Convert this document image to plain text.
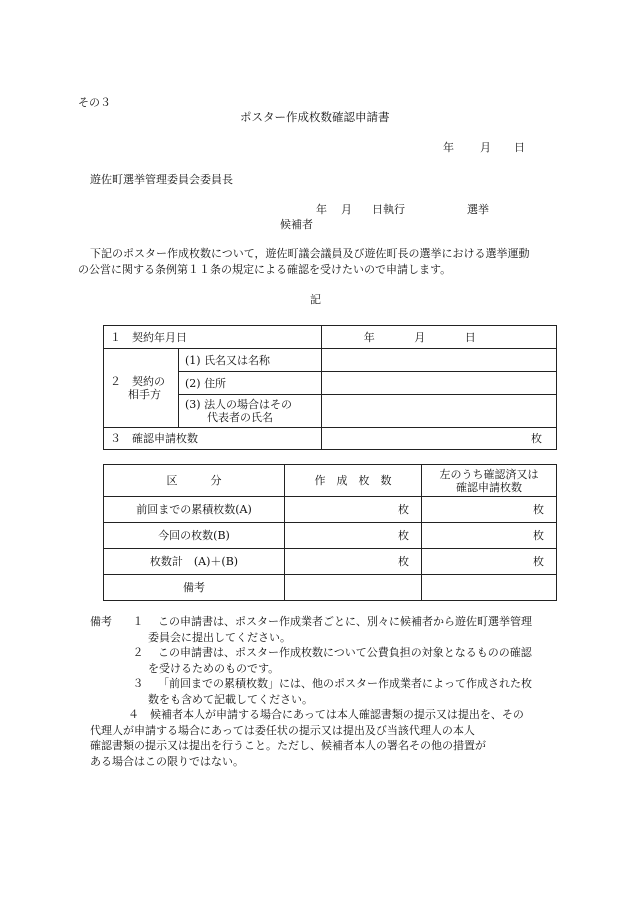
その３
ポスター作成枚数確認申請書
年 月 日
遊佐町選挙管理委員会委員長
年 月 日執行	選挙
候補者
下記のポスター作成枚数について，遊佐町議会議員及び遊佐町長の選挙における選挙運動
の公営に関する条例第１１条の規定による確認を受けたいので申請します。
記
１　契約年月日		年 月 日

２　契約の
相手方	(1) 氏名又は名称	
	(2) 住所	

	(3) 法人の場合はその
代表者の氏名	

３　確認申請枚数		枚
区　　　分	作　成　枚　数	左のうち確認済又は
確認申請枚数

前回までの累積枚数(A)	枚	枚
今回の枚数(B)	枚	枚
枚数計　(A)＋(B)	枚	枚
備考		
備考	１	この申請書は、ポスター作成業者ごとに、別々に候補者から遊佐町選挙管理
委員会に提出してください。
２	この申請書は、ポスター作成枚数について公費負担の対象となるものの確認
を受けるためのものです。
３	「前回までの累積枚数」には、他のポスター作成業者によって作成された枚
数をも含めて記載してください。
４　候補者本人が申請する場合にあっては本人確認書類の提示又は提出を、その
代理人が申請する場合にあっては委任状の提示又は提出及び当該代理人の本人
確認書類の提示又は提出を行うこと。ただし、候補者本人の署名その他の措置が
ある場合はこの限りではない。
